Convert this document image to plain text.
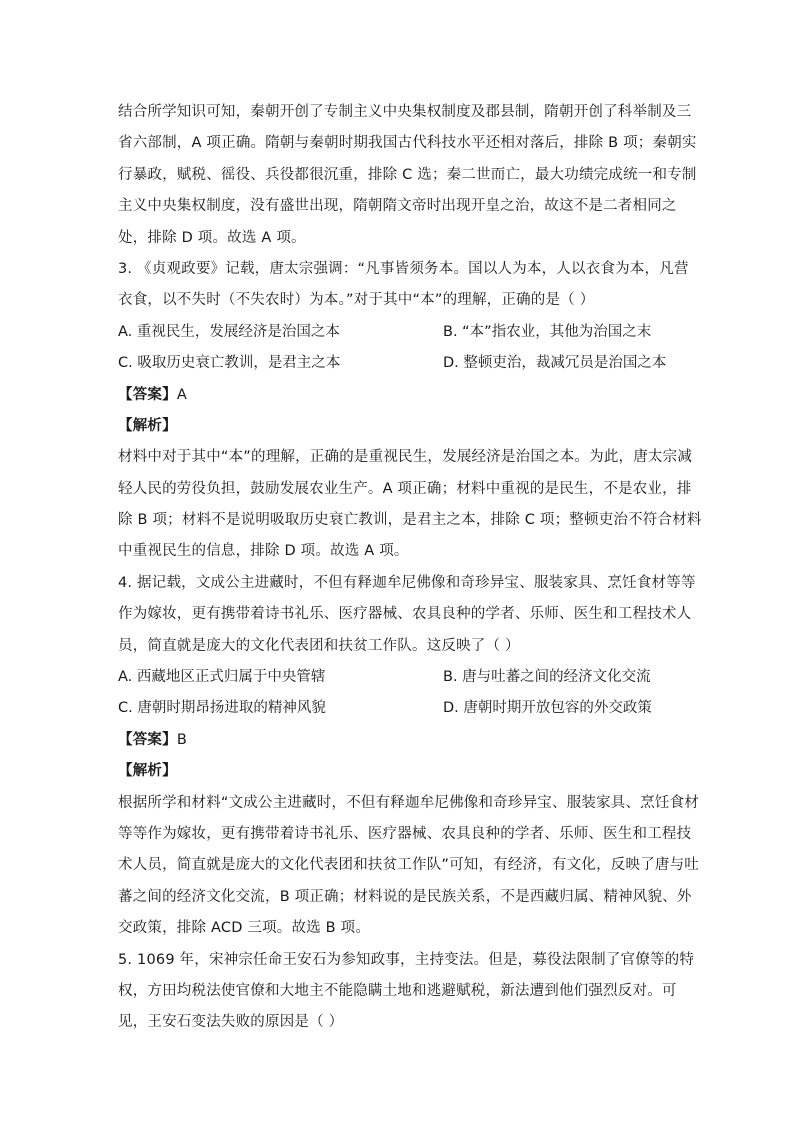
结合所学知识可知，秦朝开创了专制主义中央集权制度及郡县制，隋朝开创了科举制及三
省六部制，A 项正确。隋朝与秦朝时期我国古代科技水平还相对落后，排除 B 项；秦朝实
行暴政，赋税、徭役、兵役都很沉重，排除 C 选；秦二世而亡，最大功绩完成统一和专制
主义中央集权制度，没有盛世出现，隋朝隋文帝时出现开皇之治，故这不是二者相同之
处，排除 D 项。故选 A 项。
3. 《贞观政要》记载，唐太宗强调：“凡事皆须务本。国以人为本，人以衣食为本，凡营
衣食，以不失时（不失农时）为本。”对于其中“本”的理解，正确的是（ ）
A. 重视民生，发展经济是治国之本	B. “本”指农业，其他为治国之末
C. 吸取历史衰亡教训，是君主之本	D. 整顿吏治，裁减冗员是治国之本
【答案】A
【解析】
材料中对于其中“本”的理解，正确的是重视民生，发展经济是治国之本。为此，唐太宗减
轻人民的劳役负担，鼓励发展农业生产。A 项正确；材料中重视的是民生，不是农业，排
除 B 项；材料不是说明吸取历史衰亡教训，是君主之本，排除 C 项；整顿吏治不符合材料
中重视民生的信息，排除 D 项。故选 A 项。
4. 据记载，文成公主进藏时，不但有释迦牟尼佛像和奇珍异宝、服装家具、烹饪食材等等
作为嫁妆，更有携带着诗书礼乐、医疗器械、农具良种的学者、乐师、医生和工程技术人
员，简直就是庞大的文化代表团和扶贫工作队。这反映了（ ）
A. 西藏地区正式归属于中央管辖	B. 唐与吐蕃之间的经济文化交流
C. 唐朝时期昂扬进取的精神风貌	D. 唐朝时期开放包容的外交政策
【答案】B
【解析】
根据所学和材料“文成公主进藏时，不但有释迦牟尼佛像和奇珍异宝、服装家具、烹饪食材
等等作为嫁妆，更有携带着诗书礼乐、医疗器械、农具良种的学者、乐师、医生和工程技
术人员，简直就是庞大的文化代表团和扶贫工作队”可知，有经济，有文化，反映了唐与吐
蕃之间的经济文化交流，B 项正确；材料说的是民族关系，不是西藏归属、精神风貌、外
交政策，排除 ACD 三项。故选 B 项。
5. 1069 年，宋神宗任命王安石为参知政事，主持变法。但是，募役法限制了官僚等的特
权，方田均税法使官僚和大地主不能隐瞒土地和逃避赋税，新法遭到他们强烈反对。可
见，王安石变法失败的原因是（ ）
